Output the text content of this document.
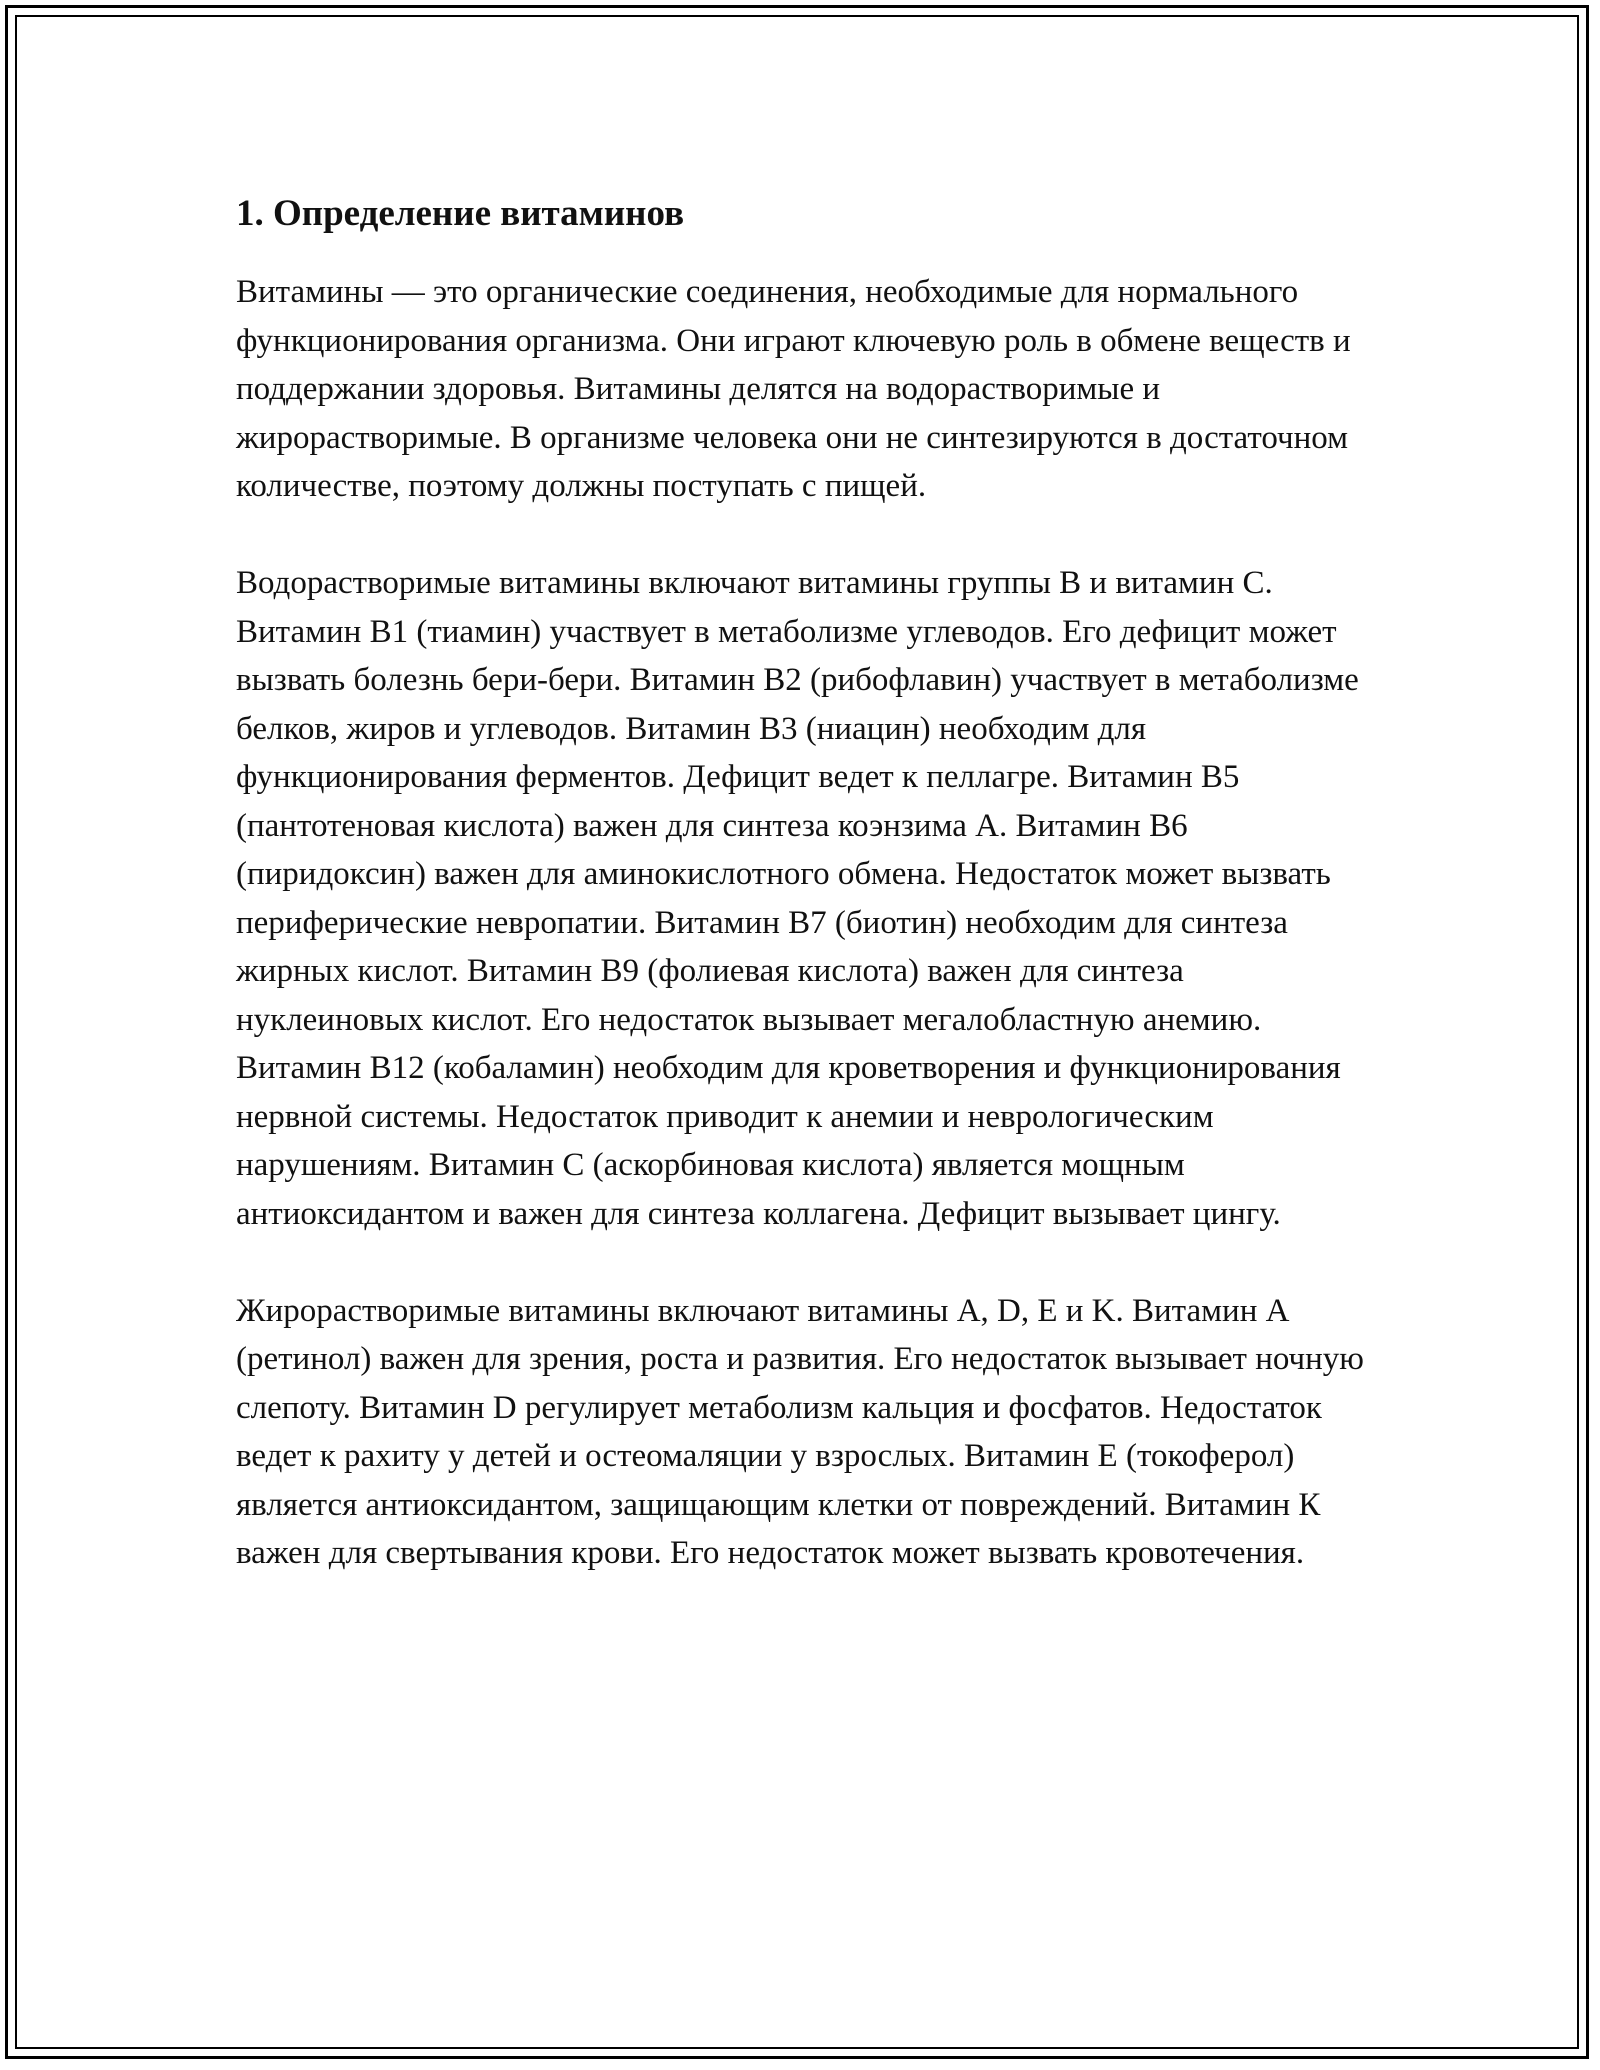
1. Определение витаминов

Витамины — это органические соединения, необходимые для нормального функционирования организма. Они играют ключевую роль в обмене веществ и поддержании здоровья. Витамины делятся на водорастворимые и жирорастворимые. В организме человека они не синтезируются в достаточном количестве, поэтому должны поступать с пищей.

Водорастворимые витамины включают витамины группы В и витамин С. Витамин В1 (тиамин) участвует в метаболизме углеводов. Его дефицит может вызвать болезнь бери-бери. Витамин В2 (рибофлавин) участвует в метаболизме белков, жиров и углеводов. Витамин В3 (ниацин) необходим для функционирования ферментов. Дефицит ведет к пеллагре. Витамин В5 (пантотеновая кислота) важен для синтеза коэнзима А. Витамин В6 (пиридоксин) важен для аминокислотного обмена. Недостаток может вызвать периферические невропатии. Витамин В7 (биотин) необходим для синтеза жирных кислот. Витамин В9 (фолиевая кислота) важен для синтеза нуклеиновых кислот. Его недостаток вызывает мегалобластную анемию. Витамин В12 (кобаламин) необходим для кроветворения и функционирования нервной системы. Недостаток приводит к анемии и неврологическим нарушениям. Витамин С (аскорбиновая кислота) является мощным антиоксидантом и важен для синтеза коллагена. Дефицит вызывает цингу.

Жирорастворимые витамины включают витамины A, D, E и K. Витамин А (ретинол) важен для зрения, роста и развития. Его недостаток вызывает ночную слепоту. Витамин D регулирует метаболизм кальция и фосфатов. Недостаток ведет к рахиту у детей и остеомаляции у взрослых. Витамин Е (токоферол) является антиоксидантом, защищающим клетки от повреждений. Витамин К важен для свертывания крови. Его недостаток может вызвать кровотечения.
